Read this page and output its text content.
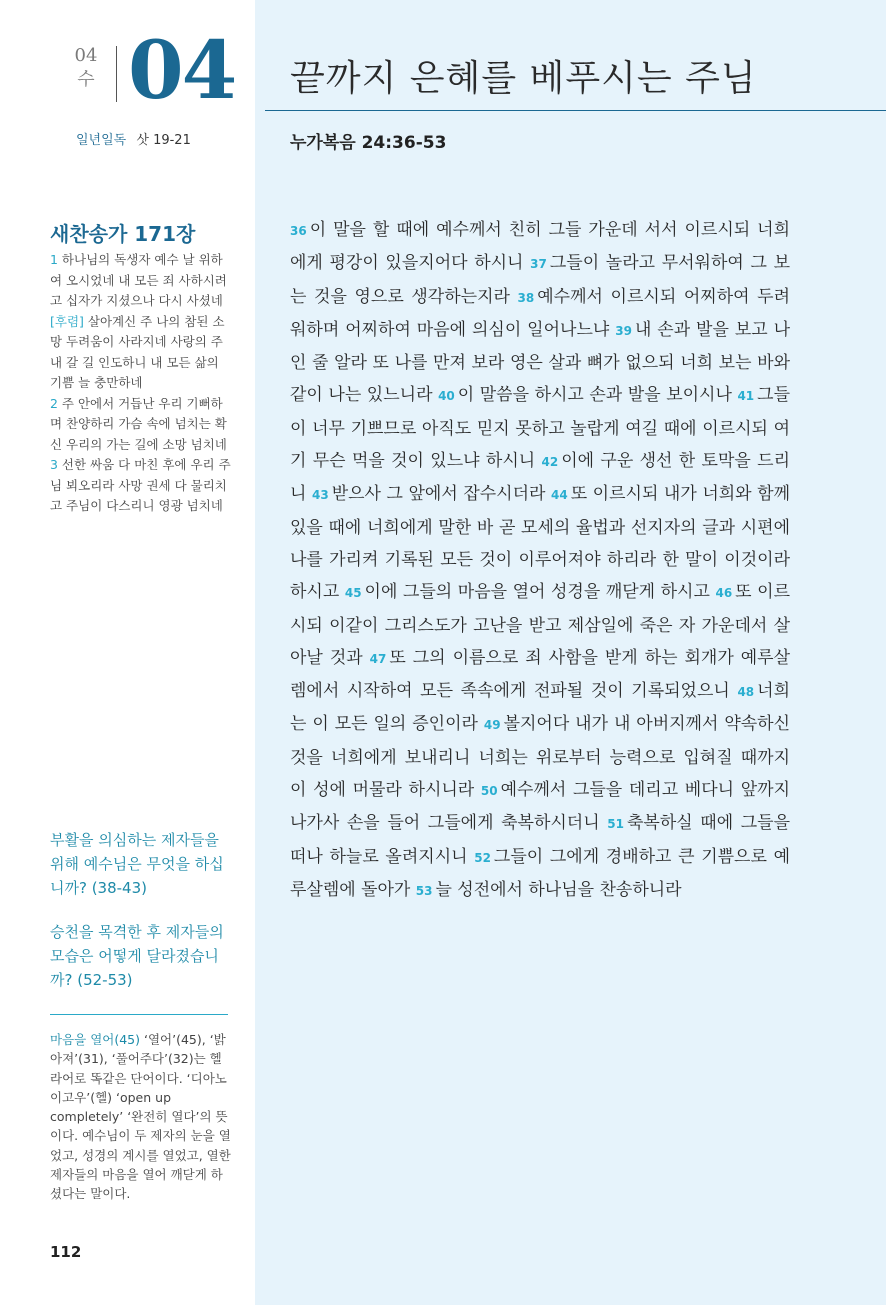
04
수 04
일년일독 삿 19-21
새찬송가 171장

1 하나님의 독생자 예수 날 위하여 오시었네 내 모든 죄 사하시려고 십자가 지셨으나 다시 사셨네

[후렴] 살아계신 주 나의 참된 소망 두려움이 사라지네 사랑의 주 내 갈 길 인도하니 내 모든 삶의 기쁨 늘 충만하네

2 주 안에서 거듭난 우리 기뻐하며 찬양하리 가슴 속에 넘치는 확신 우리의 가는 길에 소망 넘치네

3 선한 싸움 다 마친 후에 우리 주님 뵈오리라 사망 권세 다 물리치고 주님이 다스리니 영광 넘치네

부활을 의심하는 제자들을 위해 예수님은 무엇을 하십니까? (38-43)

승천을 목격한 후 제자들의 모습은 어떻게 달라졌습니까? (52-53)

마음을 열어(45) ‘열어’(45), ‘밝아져’(31), ‘풀어주다’(32)는 헬라어로 똑같은 단어이다. ‘디아노이고우’(헬) ‘open up completely’ ‘완전히 열다’의 뜻이다. 예수님이 두 제자의 눈을 열었고, 성경의 계시를 열었고, 열한 제자들의 마음을 열어 깨닫게 하셨다는 말이다.
112
끝까지 은혜를 베푸시는 주님
누가복음 24:36-53
36 이 말을 할 때에 예수께서 친히 그들 가운데 서서 이르시되 너희에게 평강이 있을지어다 하시니 37 그들이 놀라고 무서워하여 그 보는 것을 영으로 생각하는지라 38 예수께서 이르시되 어찌하여 두려워하며 어찌하여 마음에 의심이 일어나느냐 39 내 손과 발을 보고 나인 줄 알라 또 나를 만져 보라 영은 살과 뼈가 없으되 너희 보는 바와 같이 나는 있느니라 40 이 말씀을 하시고 손과 발을 보이시나 41 그들이 너무 기쁘므로 아직도 믿지 못하고 놀랍게 여길 때에 이르시되 여기 무슨 먹을 것이 있느냐 하시니 42 이에 구운 생선 한 토막을 드리니 43 받으사 그 앞에서 잡수시더라 44 또 이르시되 내가 너희와 함께 있을 때에 너희에게 말한 바 곧 모세의 율법과 선지자의 글과 시편에 나를 가리켜 기록된 모든 것이 이루어져야 하리라 한 말이 이것이라 하시고 45 이에 그들의 마음을 열어 성경을 깨닫게 하시고 46 또 이르시되 이같이 그리스도가 고난을 받고 제삼일에 죽은 자 가운데서 살아날 것과 47 또 그의 이름으로 죄 사함을 받게 하는 회개가 예루살렘에서 시작하여 모든 족속에게 전파될 것이 기록되었으니 48 너희는 이 모든 일의 증인이라 49 볼지어다 내가 내 아버지께서 약속하신 것을 너희에게 보내리니 너희는 위로부터 능력으로 입혀질 때까지 이 성에 머물라 하시니라 50 예수께서 그들을 데리고 베다니 앞까지 나가사 손을 들어 그들에게 축복하시더니 51 축복하실 때에 그들을 떠나 하늘로 올려지시니 52 그들이 그에게 경배하고 큰 기쁨으로 예루살렘에 돌아가 53 늘 성전에서 하나님을 찬송하니라
